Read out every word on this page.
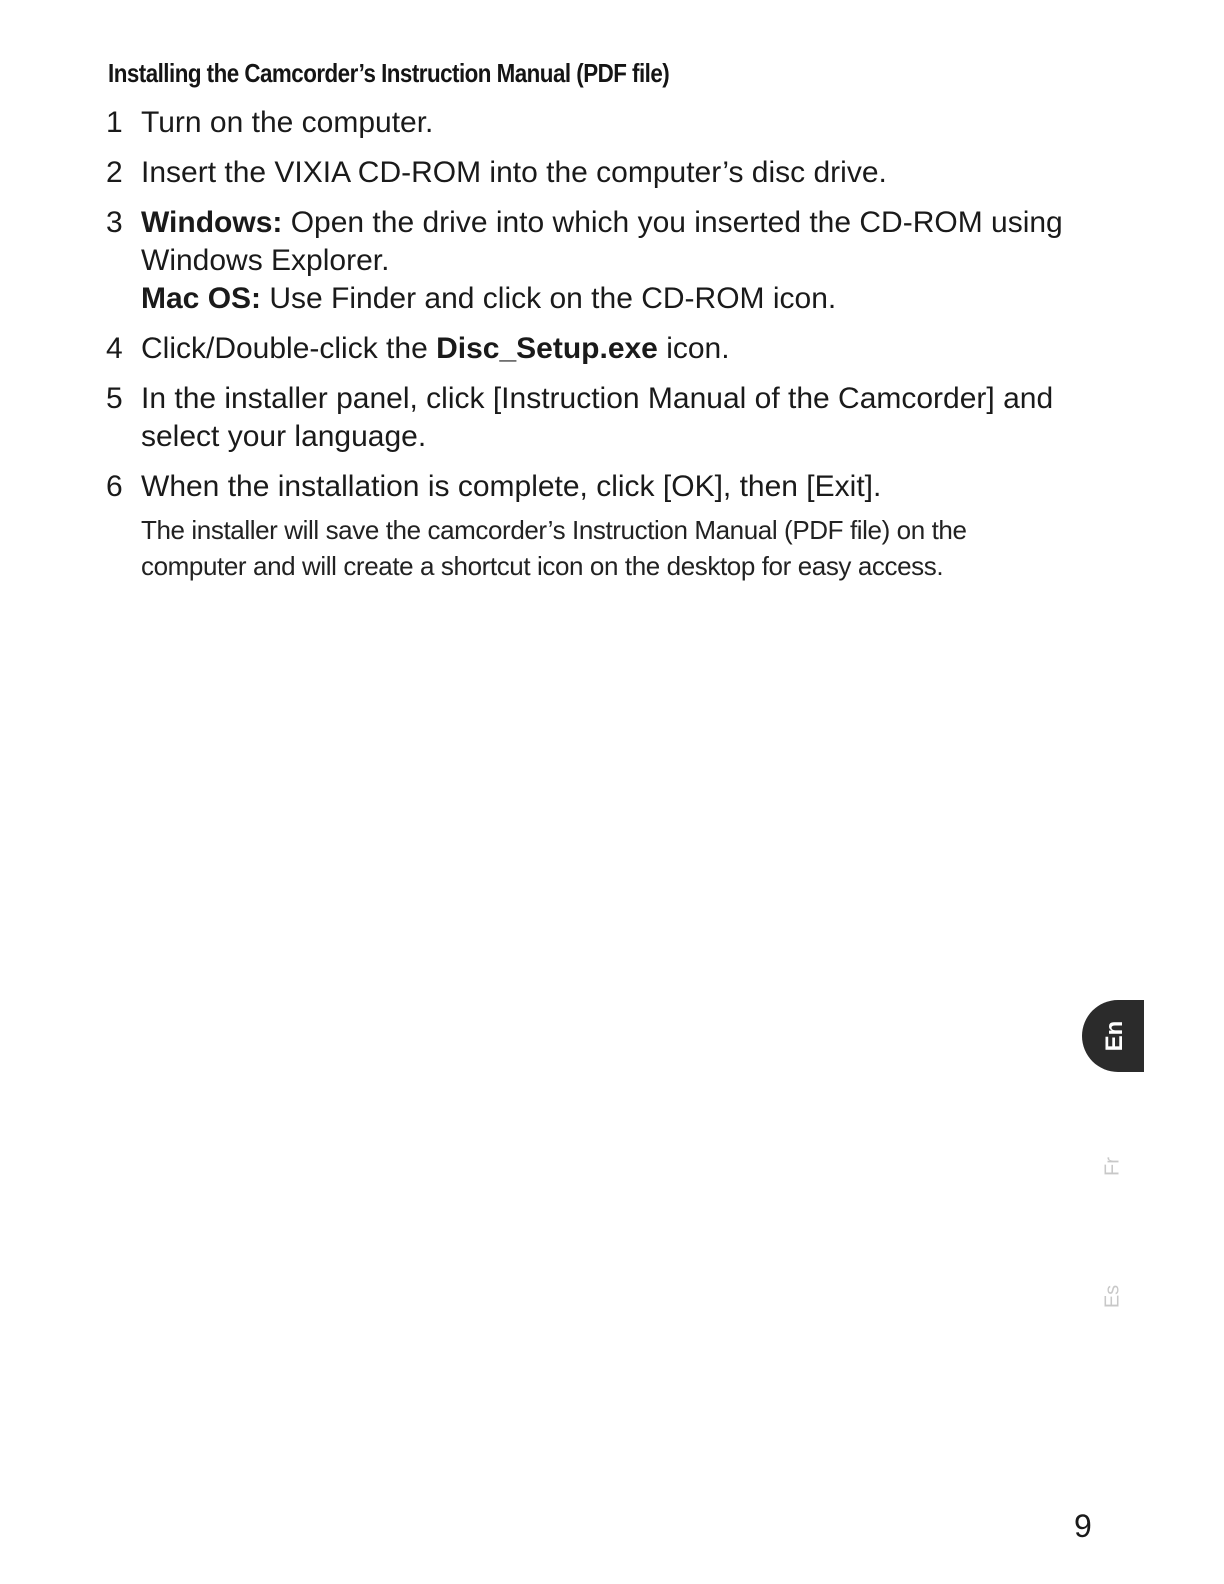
Installing the Camcorder’s Instruction Manual (PDF file)
1 Turn on the computer.
2 Insert the VIXIA CD-ROM into the computer’s disc drive.
3 Windows: Open the drive into which you inserted the CD-ROM using Windows Explorer.
Mac OS: Use Finder and click on the CD-ROM icon.
4 Click/Double-click the Disc_Setup.exe icon.
5 In the installer panel, click [Instruction Manual of the Camcorder] and select your language.
6 When the installation is complete, click [OK], then [Exit].
The installer will save the camcorder’s Instruction Manual (PDF file) on the computer and will create a shortcut icon on the desktop for easy access.
En
Fr
Es
9
